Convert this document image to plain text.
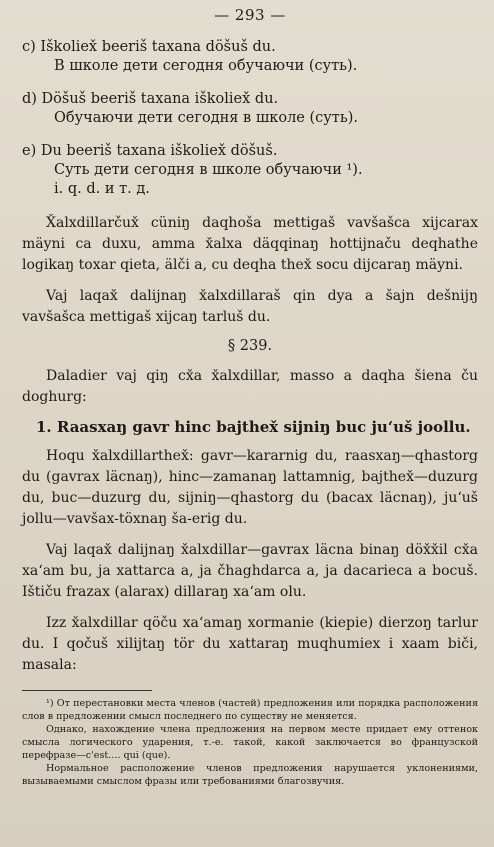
— 293 —
c) Iškoliex̌ beeriš taxana döšuš du.
В школе дети сегодня обучаючи (суть).
d) Döšuš beeriš taxana iškoliex̌ du.
Обучаючи дети сегодня в школе (суть).
e) Du beeriš taxana iškoliex̌ döšuš.
Суть дети сегодня в школе обучаючи ¹).
i. q. d. и т. д.

X̌alxdillarčux̌ cüniŋ daqhoša mettigaš vavšašca xijcarax mäyni ca duxu, amma x̌alxa däqqinaŋ hottijnaču deqhathe logikaŋ toxar qieta, älči a, cu deqha thex̌ socu dijcaraŋ mäyni.

Vaj laqax̌ dalijnaŋ x̌alxdillaraš qin dya a šajn dešnijŋ vavšašca mettigaš xijcaŋ tarluš du.

§ 239.

Daladier vaj qiŋ cx̌a x̌alxdillar, masso a daqha šiena ču doghurg:

1. Raasxaŋ gavr hinc bajthex̌ sijniŋ buc ju‘uš joollu.

Hoqu x̌alxdillarthex̌: gavr—kararnig du, raasxaŋ—qhastorg du (gavrax läcnaŋ), hinc—zamanaŋ lattamnig, bajthex̌—duzurg du, buc—duzurg du, sijniŋ—qhastorg du (bacax läcnaŋ), ju‘uš jollu—vavšax-töxnaŋ ša-erig du.

Vaj laqax̌ dalijnaŋ x̌alxdillar—gavrax läcna binaŋ döx̌x̌il cx̌a xa‘am bu, ja xattarca a, ja čhaghdarca a, ja dacarieca a bocuš. Ištiču frazax (alarax) dillaraŋ xa‘am olu.

Izz x̌alxdillar qöču xa‘amaŋ xormanie (kiepie) dierzoŋ tarlur du. I qočuš xilijtaŋ tör du xattaraŋ muqhumiex i xaam biči, masala:

¹) От перестановки места членов (частей) предложения или порядка расположения слов в предложении смысл последнего по существу не меняется.
Однако, нахождение члена предложения на первом месте придает ему оттенок смысла логического ударения, т.-е. такой, какой заключается во французской перефразе—c'est.... qui (que).
Нормальное расположение членов предложения нарушается уклонениями, вызываемыми смыслом фразы или требованиями благозвучия.
